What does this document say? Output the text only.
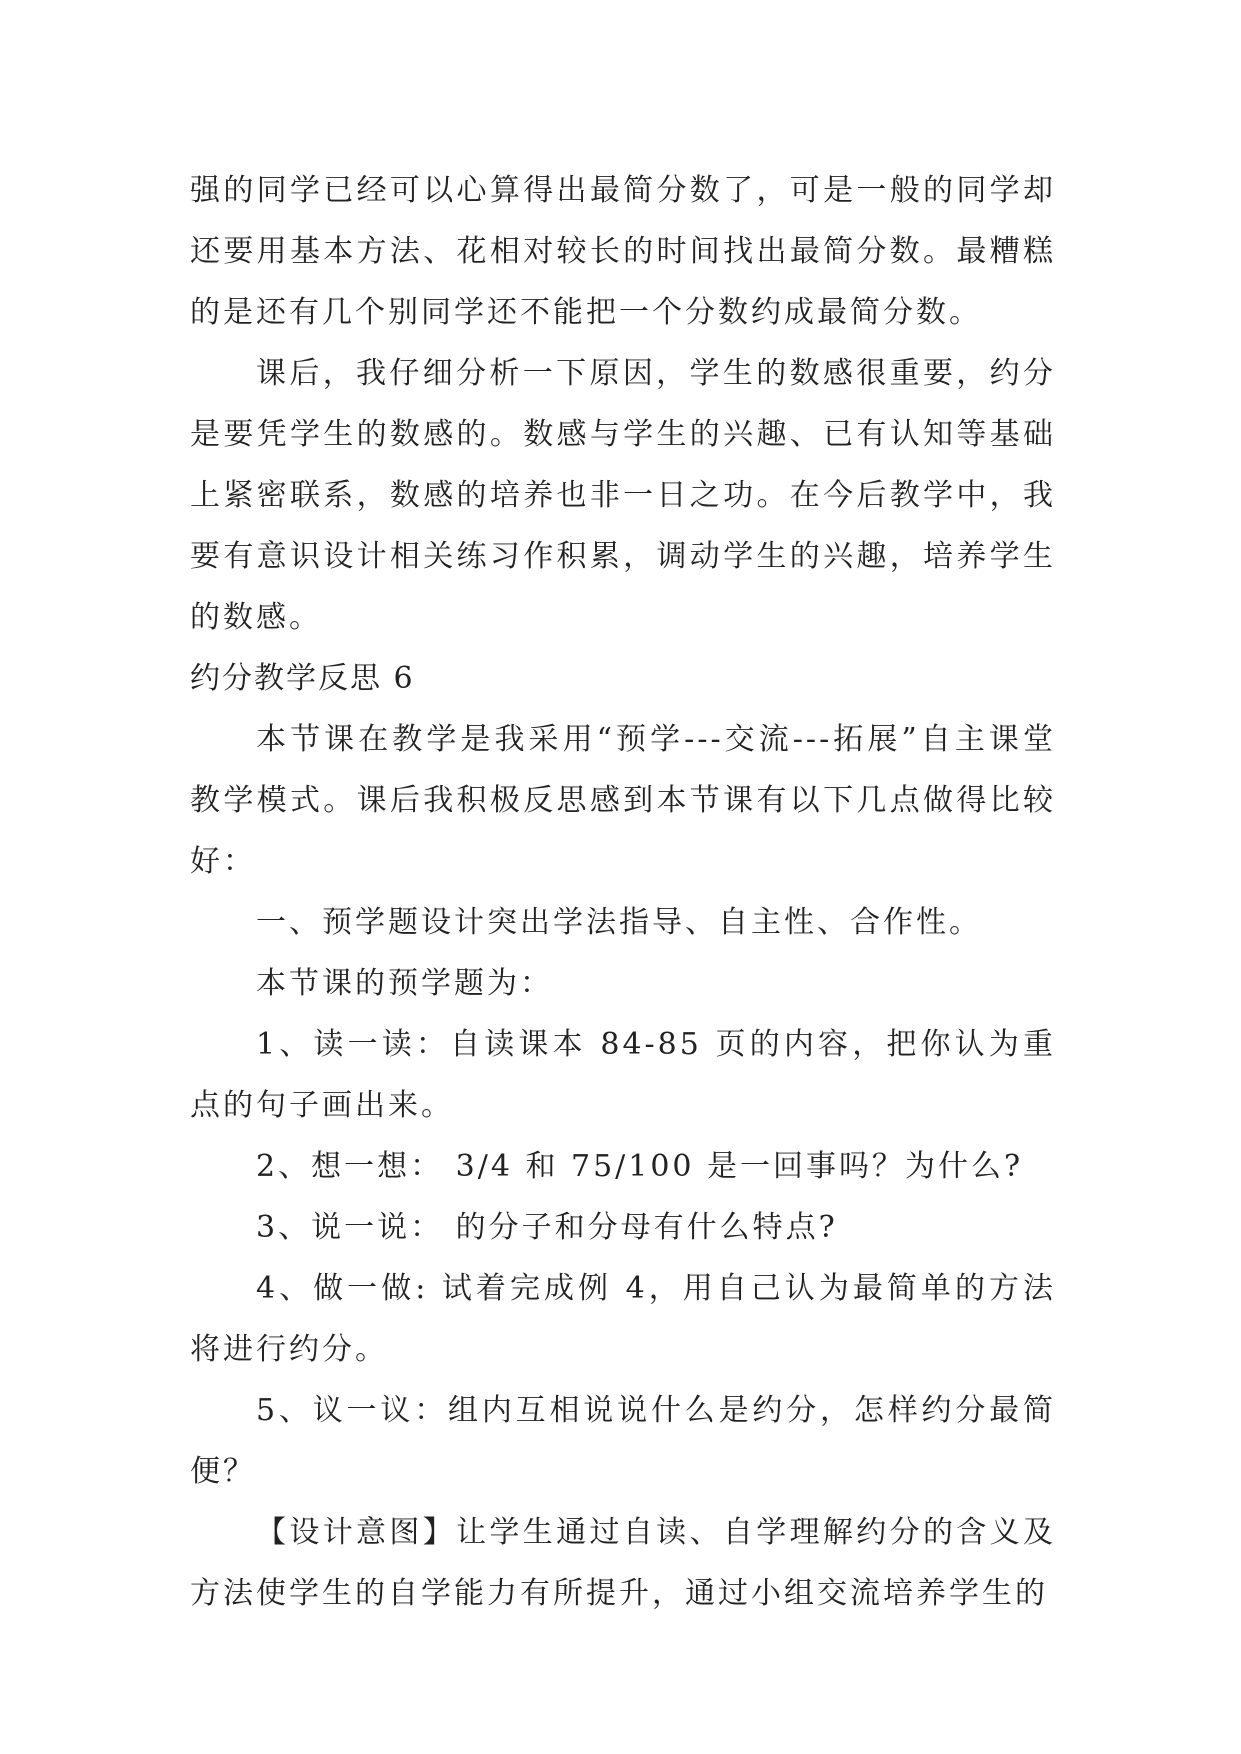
强的同学已经可以心算得出最简分数了，可是一般的同学却还要用基本方法、花相对较长的时间找出最简分数。最糟糕的是还有几个别同学还不能把一个分数约成最简分数。

课后，我仔细分析一下原因，学生的数感很重要，约分是要凭学生的数感的。数感与学生的兴趣、已有认知等基础上紧密联系，数感的培养也非一日之功。在今后教学中，我要有意识设计相关练习作积累，调动学生的兴趣，培养学生的数感。

约分教学反思 6

本节课在教学是我采用“预学---交流---拓展”自主课堂教学模式。课后我积极反思感到本节课有以下几点做得比较好：

一、预学题设计突出学法指导、自主性、合作性。

本节课的预学题为：

1、读一读：自读课本 84-85 页的内容，把你认为重点的句子画出来。

2、想一想： 3/4 和 75/100 是一回事吗？为什么?

3、说一说： 的分子和分母有什么特点?

4、做一做: 试着完成例 4，用自己认为最简单的方法将进行约分。

5、议一议：组内互相说说什么是约分，怎样约分最简便？

【设计意图】让学生通过自读、自学理解约分的含义及方法使学生的自学能力有所提升，通过小组交流培养学生的
